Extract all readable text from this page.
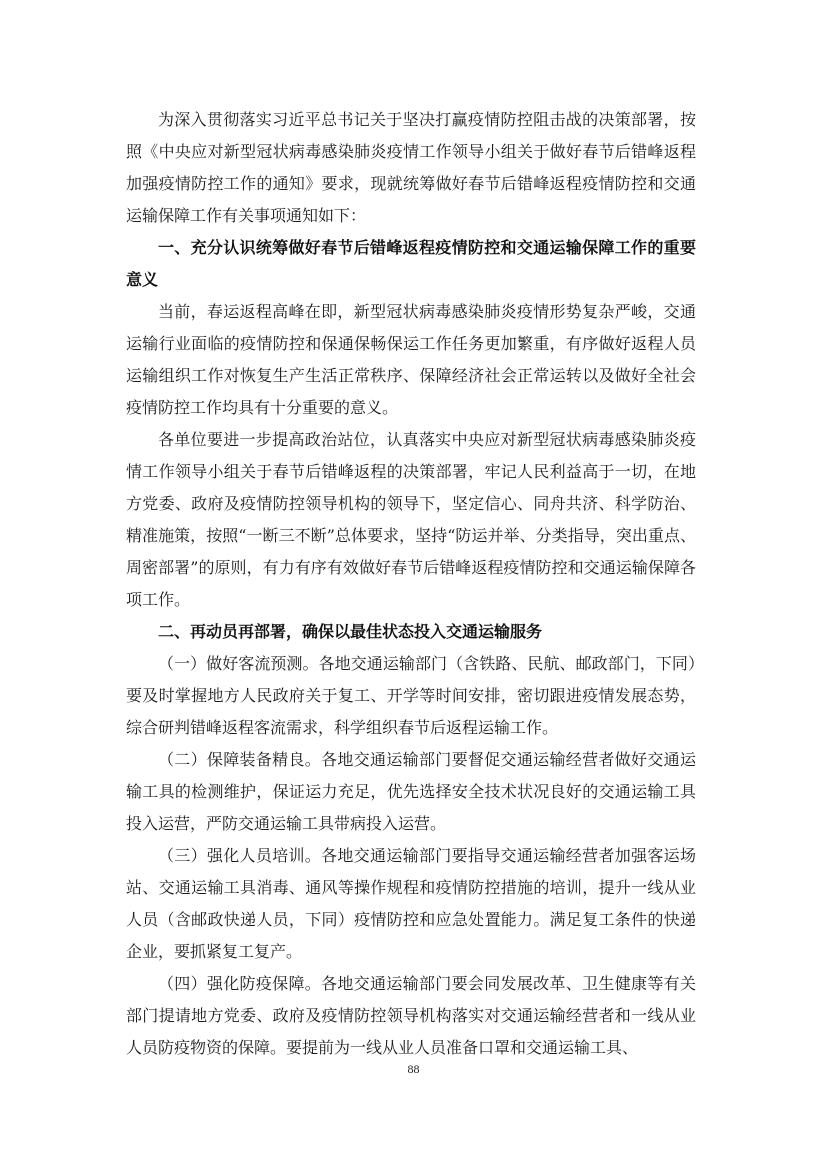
为深入贯彻落实习近平总书记关于坚决打赢疫情防控阻击战的决策部署，按照《中央应对新型冠状病毒感染肺炎疫情工作领导小组关于做好春节后错峰返程加强疫情防控工作的通知》要求，现就统筹做好春节后错峰返程疫情防控和交通运输保障工作有关事项通知如下：

一、充分认识统筹做好春节后错峰返程疫情防控和交通运输保障工作的重要意义

当前，春运返程高峰在即，新型冠状病毒感染肺炎疫情形势复杂严峻，交通运输行业面临的疫情防控和保通保畅保运工作任务更加繁重，有序做好返程人员运输组织工作对恢复生产生活正常秩序、保障经济社会正常运转以及做好全社会疫情防控工作均具有十分重要的意义。

各单位要进一步提高政治站位，认真落实中央应对新型冠状病毒感染肺炎疫情工作领导小组关于春节后错峰返程的决策部署，牢记人民利益高于一切，在地方党委、政府及疫情防控领导机构的领导下，坚定信心、同舟共济、科学防治、精准施策，按照“一断三不断”总体要求，坚持“防运并举、分类指导，突出重点、周密部署”的原则，有力有序有效做好春节后错峰返程疫情防控和交通运输保障各项工作。

二、再动员再部署，确保以最佳状态投入交通运输服务

（一）做好客流预测。各地交通运输部门（含铁路、民航、邮政部门，下同）要及时掌握地方人民政府关于复工、开学等时间安排，密切跟进疫情发展态势，综合研判错峰返程客流需求，科学组织春节后返程运输工作。

（二）保障装备精良。各地交通运输部门要督促交通运输经营者做好交通运输工具的检测维护，保证运力充足，优先选择安全技术状况良好的交通运输工具投入运营，严防交通运输工具带病投入运营。

（三）强化人员培训。各地交通运输部门要指导交通运输经营者加强客运场站、交通运输工具消毒、通风等操作规程和疫情防控措施的培训，提升一线从业人员（含邮政快递人员，下同）疫情防控和应急处置能力。满足复工条件的快递企业，要抓紧复工复产。

（四）强化防疫保障。各地交通运输部门要会同发展改革、卫生健康等有关部门提请地方党委、政府及疫情防控领导机构落实对交通运输经营者和一线从业人员防疫物资的保障。要提前为一线从业人员准备口罩和交通运输工具、

88
